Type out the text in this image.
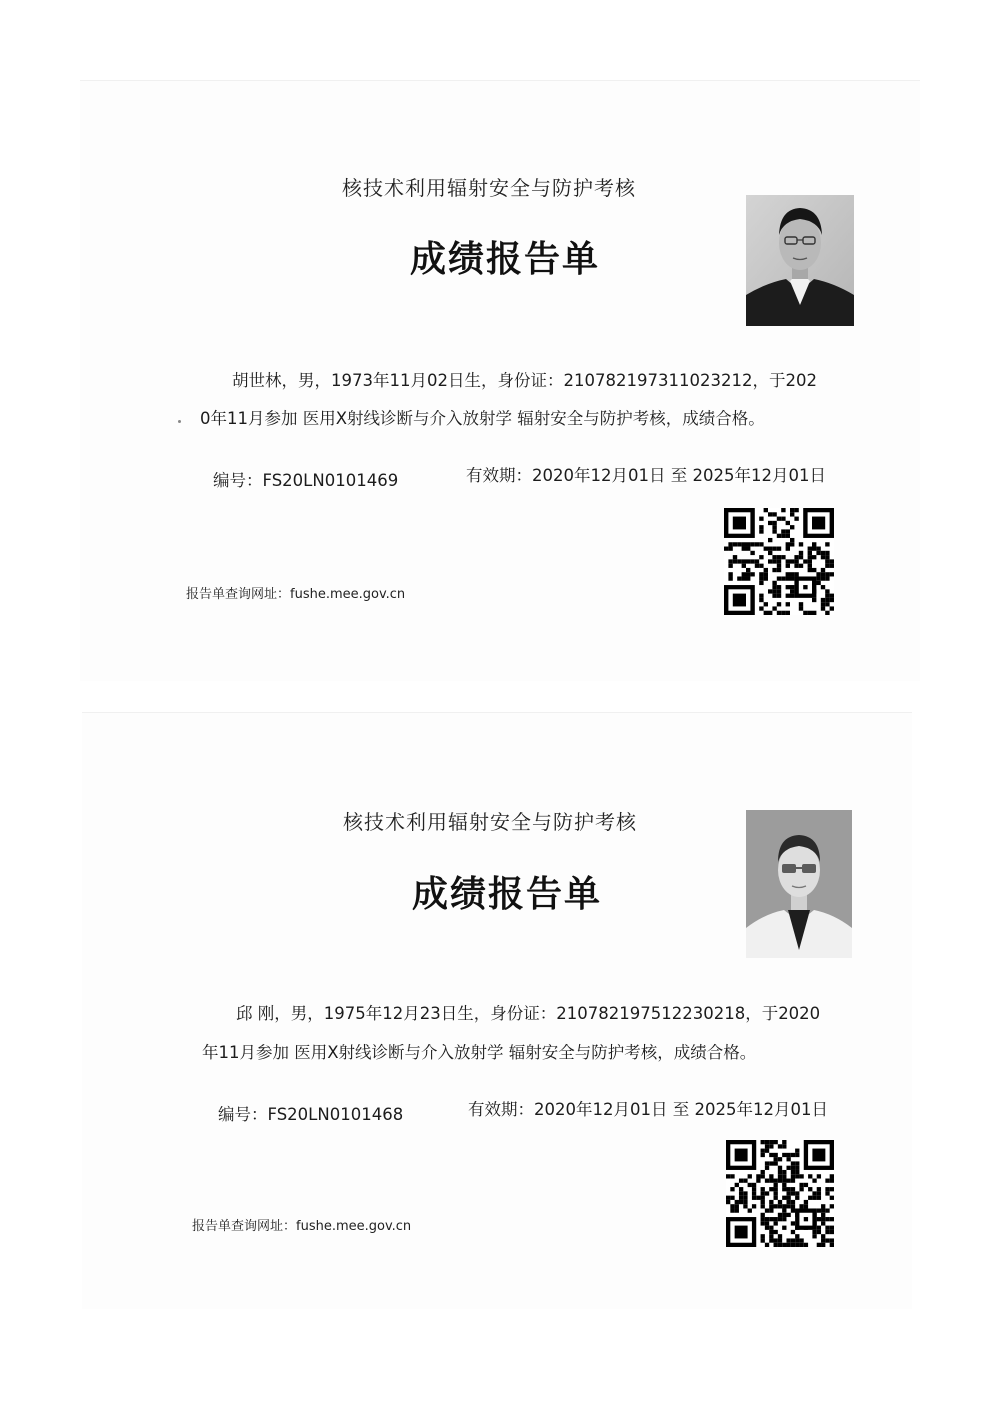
核技术利用辐射安全与防护考核
成绩报告单
胡世林，男，1973年11月02日生，身份证：210782197311023212，于202
0年11月参加 医用X射线诊断与介入放射学 辐射安全与防护考核，成绩合格。
编号：FS20LN0101469	有效期：2020年12月01日 至 2025年12月01日
报告单查询网址：fushe.mee.gov.cn
核技术利用辐射安全与防护考核
成绩报告单
邱 刚，男，1975年12月23日生，身份证：210782197512230218，于2020
年11月参加 医用X射线诊断与介入放射学 辐射安全与防护考核，成绩合格。
编号：FS20LN0101468	有效期：2020年12月01日 至 2025年12月01日
报告单查询网址：fushe.mee.gov.cn
